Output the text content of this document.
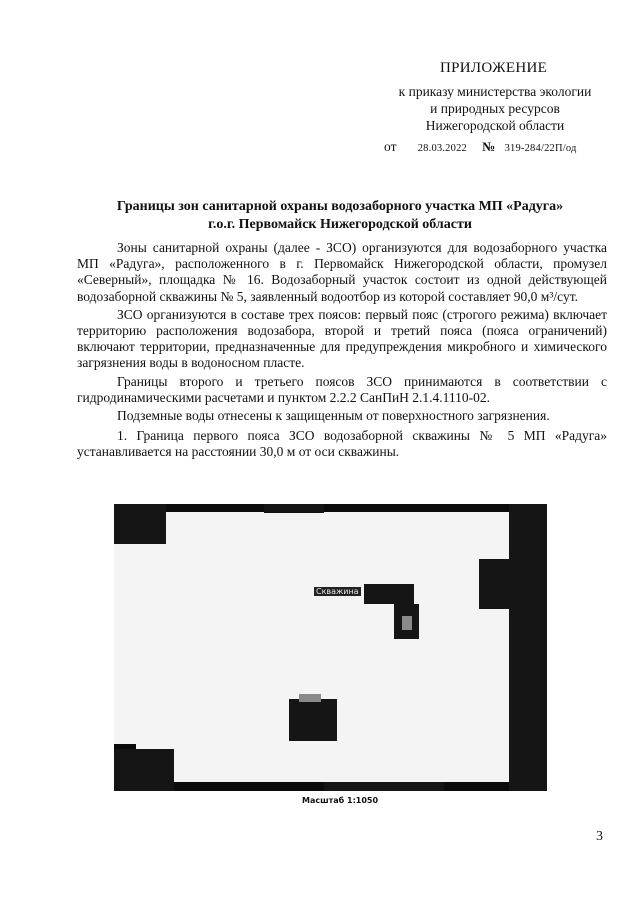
ПРИЛОЖЕНИЕ
к приказу министерства экологии
и природных ресурсов
Нижегородской области
от 28.03.2022 № 319-284/22П/од
Границы зон санитарной охраны водозаборного участка МП «Радуга»
г.о.г. Первомайск Нижегородской области

Зоны санитарной охраны (далее - ЗСО) организуются для водозаборного участка МП «Радуга», расположенного в г. Первомайск Нижегородской области, промузел «Северный», площадка № 16. Водозаборный участок состоит из одной действующей водозаборной скважины № 5, заявленный водоотбор из которой составляет 90,0 м³/сут.

ЗСО организуются в составе трех поясов: первый пояс (строгого режима) включает территорию расположения водозабора, второй и третий пояса (пояса ограничений) включают территории, предназначенные для предупреждения микробного и химического загрязнения воды в водоносном пласте.

Границы второго и третьего поясов ЗСО принимаются в соответствии с гидродинамическими расчетами и пунктом 2.2.2 СанПиН 2.1.4.1110-02.

Подземные воды отнесены к защищенным от поверхностного загрязнения.

1. Граница первого пояса ЗСО водозаборной скважины № 5 МП «Радуга» устанавливается на расстоянии 30,0 м от оси скважины.

Скважина
Масштаб 1:1050
3
